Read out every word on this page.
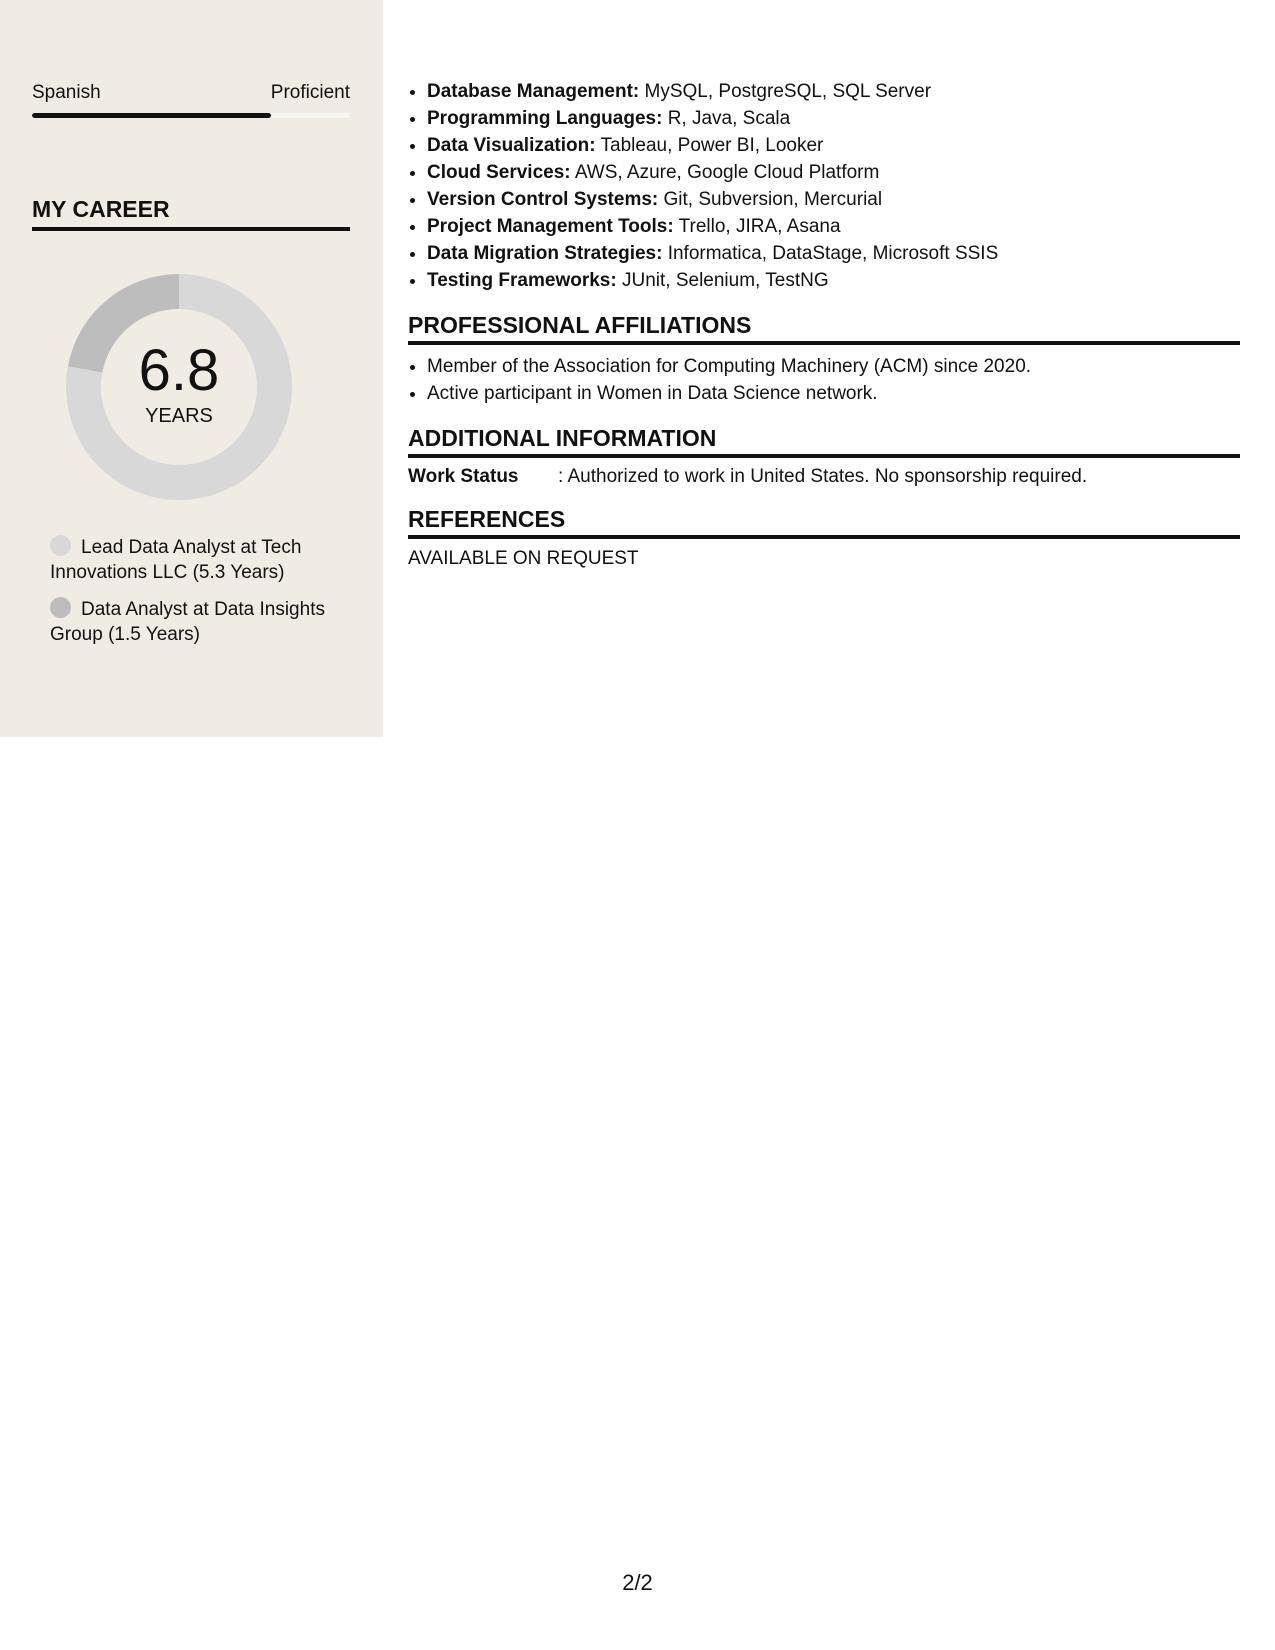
Spanish	Proficient
MY CAREER
6.8
YEARS
Lead Data Analyst at Tech Innovations LLC (5.3 Years)
Data Analyst at Data Insights Group (1.5 Years)
• Database Management: MySQL, PostgreSQL, SQL Server
• Programming Languages: R, Java, Scala
• Data Visualization: Tableau, Power BI, Looker
• Cloud Services: AWS, Azure, Google Cloud Platform
• Version Control Systems: Git, Subversion, Mercurial
• Project Management Tools: Trello, JIRA, Asana
• Data Migration Strategies: Informatica, DataStage, Microsoft SSIS
• Testing Frameworks: JUnit, Selenium, TestNG
PROFESSIONAL AFFILIATIONS
• Member of the Association for Computing Machinery (ACM) since 2020.
• Active participant in Women in Data Science network.
ADDITIONAL INFORMATION
Work Status	: Authorized to work in United States. No sponsorship required.
REFERENCES
AVAILABLE ON REQUEST
2/2
